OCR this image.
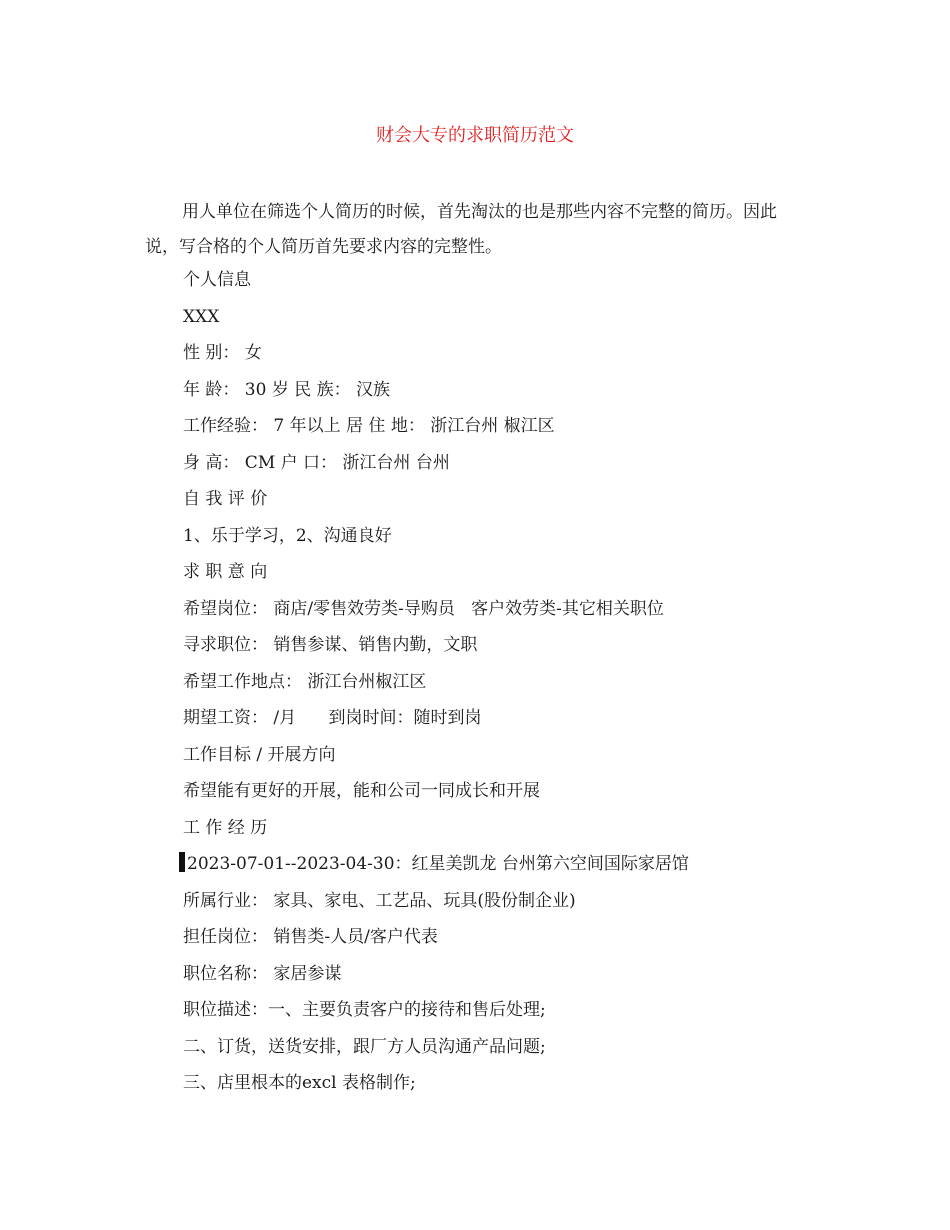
财会大专的求职简历范文

用人单位在筛选个人简历的时候，首先淘汰的也是那些内容不完整的简历。因此说，写合格的个人简历首先要求内容的完整性。

个人信息
XXX
性 别： 女
年 龄： 30 岁 民 族： 汉族
工作经验： 7 年以上 居 住 地： 浙江台州 椒江区
身 高： CM 户 口： 浙江台州 台州
自 我 评 价
1、乐于学习，2、沟通良好
求 职 意 向
希望岗位： 商店/零售效劳类-导购员   客户效劳类-其它相关职位
寻求职位： 销售参谋、销售内勤，文职
希望工作地点： 浙江台州椒江区
期望工资： /月      到岗时间：随时到岗
工作目标 / 开展方向
希望能有更好的开展，能和公司一同成长和开展
工 作 经 历
2023-07-01--2023-04-30：红星美凯龙 台州第六空间国际家居馆
所属行业： 家具、家电、工艺品、玩具(股份制企业)
担任岗位： 销售类-人员/客户代表
职位名称： 家居参谋
职位描述：一、主要负责客户的接待和售后处理;
二、订货，送货安排，跟厂方人员沟通产品问题;
三、店里根本的excl 表格制作;
